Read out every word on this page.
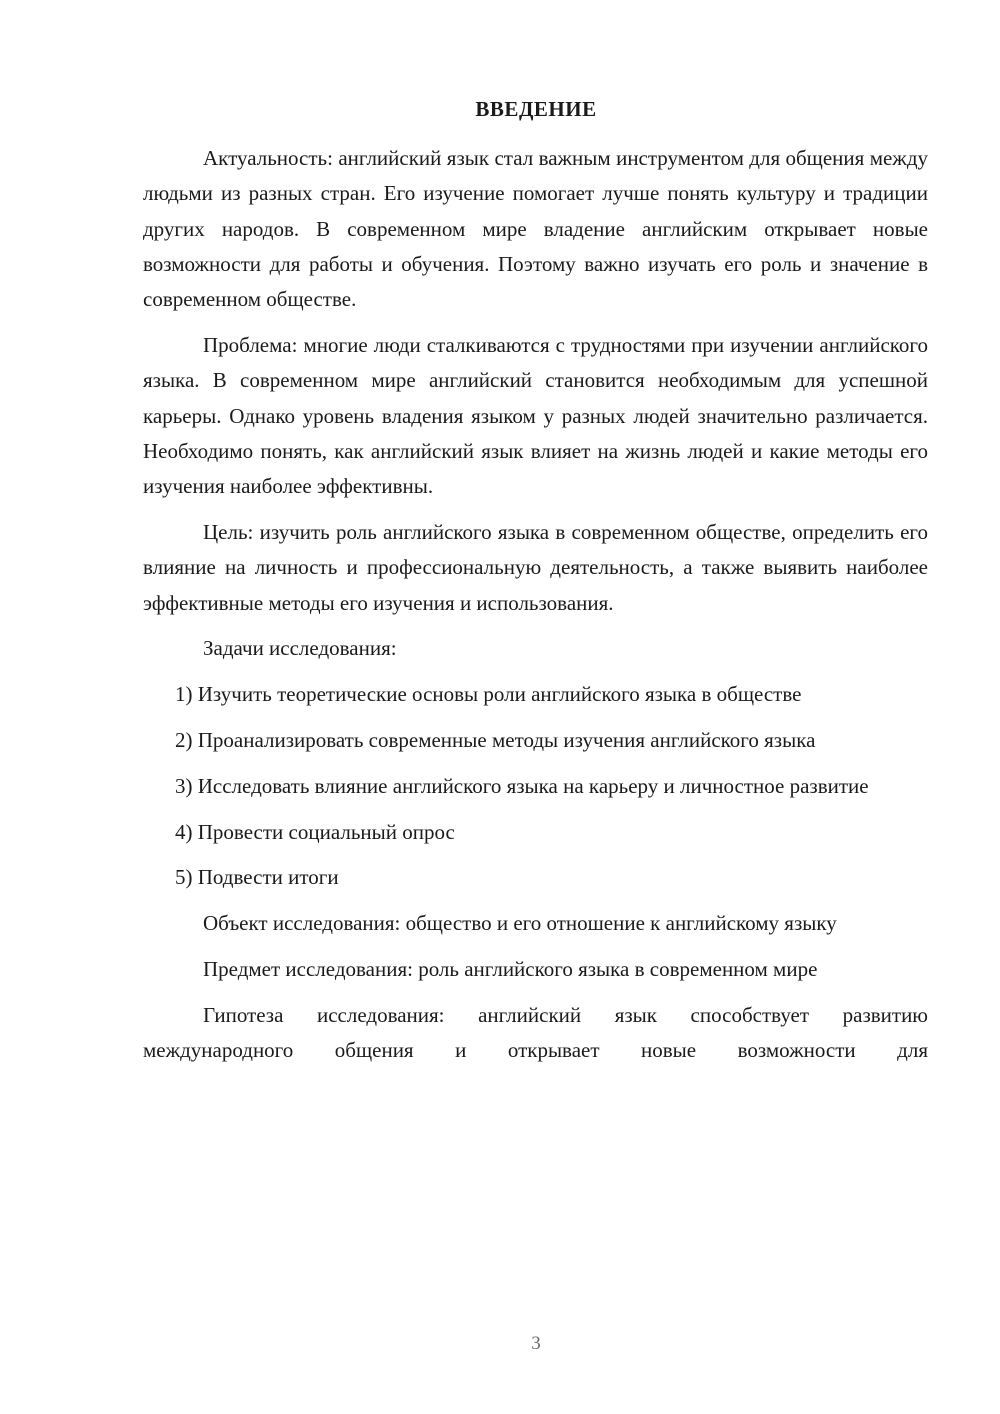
ВВЕДЕНИЕ

Актуальность: английский язык стал важным инструментом для общения между людьми из разных стран. Его изучение помогает лучше понять культуру и традиции других народов. В современном мире владение английским открывает новые возможности для работы и обучения. Поэтому важно изучать его роль и значение в современном обществе.

Проблема: многие люди сталкиваются с трудностями при изучении английского языка. В современном мире английский становится необходимым для успешной карьеры. Однако уровень владения языком у разных людей значительно различается. Необходимо понять, как английский язык влияет на жизнь людей и какие методы его изучения наиболее эффективны.

Цель: изучить роль английского языка в современном обществе, определить его влияние на личность и профессиональную деятельность, а также выявить наиболее эффективные методы его изучения и использования.

Задачи исследования:

1) Изучить теоретические основы роли английского языка в обществе

2) Проанализировать современные методы изучения английского языка

3) Исследовать влияние английского языка на карьеру и личностное развитие

4) Провести социальный опрос

5) Подвести итоги

Объект исследования: общество и его отношение к английскому языку

Предмет исследования: роль английского языка в современном мире

Гипотеза исследования: английский язык способствует развитию международного общения и открывает новые возможности для

3
